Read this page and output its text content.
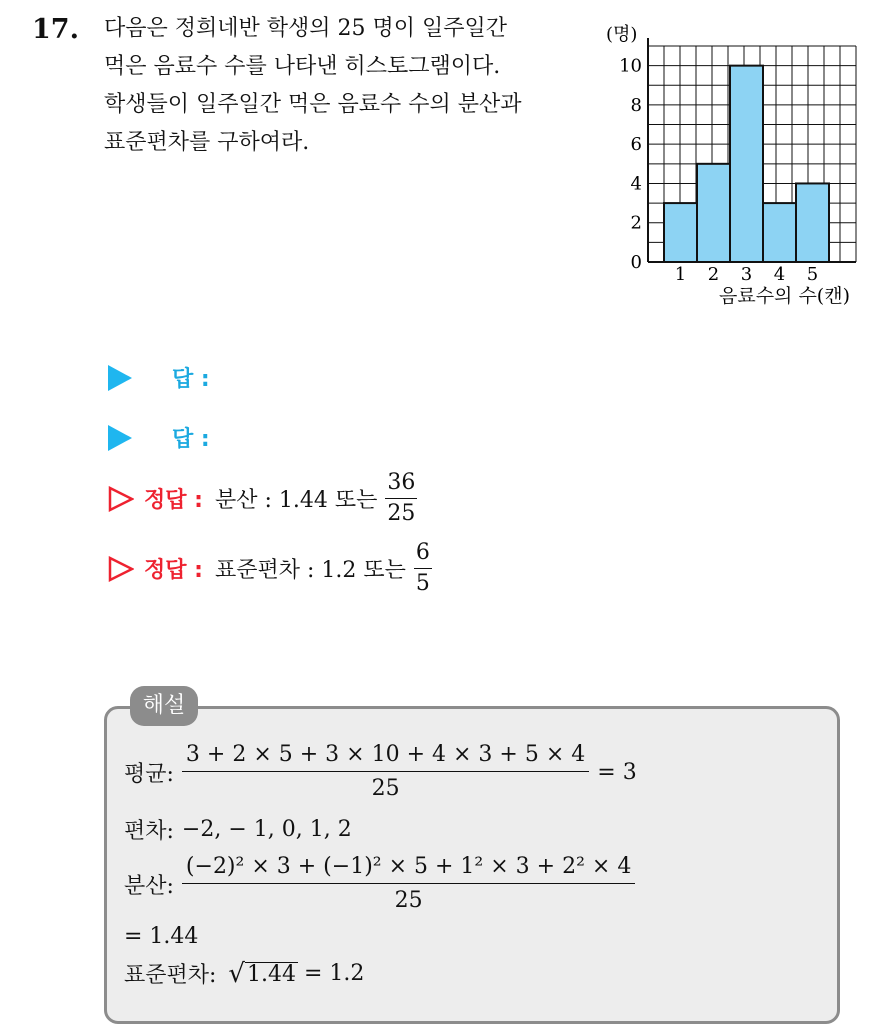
17. 다음은 정희네반 학생의 25 명이 일주일간
먹은 음료수 수를 나타낸 히스토그램이다.
학생들이 일주일간 먹은 음료수 수의 분산과
표준편차를 구하여라.
0
2
4
6
8
10
1 2 3 4 5
(명)
음료수의 수(캔)
답 :
답 :
정답 : 분산 : 1.44 또는 $\frac{36}{25}$
정답 : 표준편차 : 1.2 또는 $\frac{6}{5}$
해설
평균: $\frac{3 + 2 \times 5 + 3 \times 10 + 4 \times 3 + 5 \times 4}{25} = 3$
편차: −2, − 1, 0, 1, 2
분산: $\frac{\text{(−2)² × 3 + (−1)² × 5 + 1² × 3 + 2² × 4}}{25}$
= 1.44
표준편차: √ 1.44 = 1.2
